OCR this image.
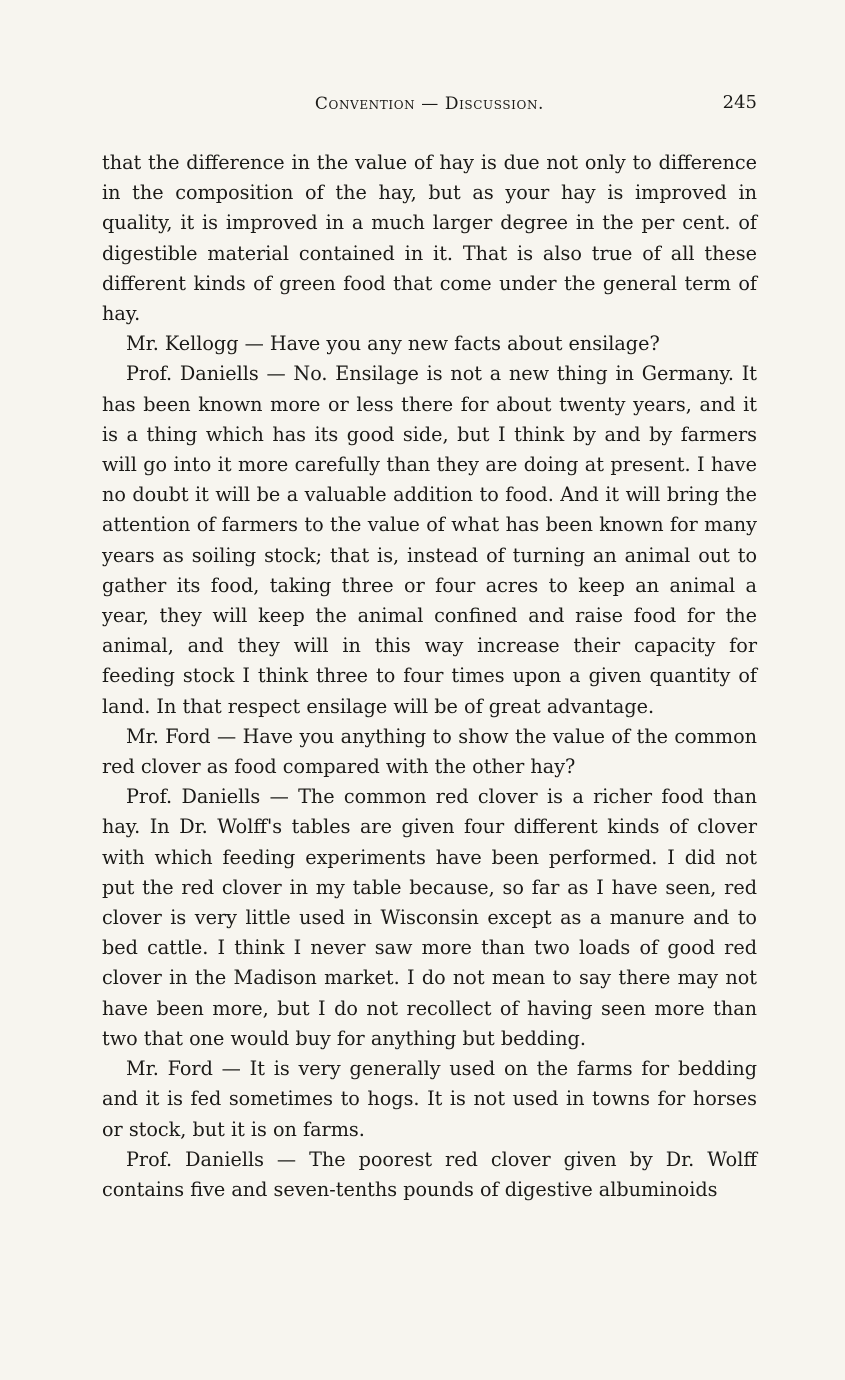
Convention — Discussion.	245

that the difference in the value of hay is due not only to difference in the composition of the hay, but as your hay is improved in quality, it is improved in a much larger degree in the per cent. of digestible material contained in it. That is also true of all these different kinds of green food that come under the general term of hay.

Mr. Kellogg — Have you any new facts about ensilage?

Prof. Daniells — No. Ensilage is not a new thing in Germany. It has been known more or less there for about twenty years, and it is a thing which has its good side, but I think by and by farmers will go into it more carefully than they are doing at present. I have no doubt it will be a valuable addition to food. And it will bring the attention of farmers to the value of what has been known for many years as soiling stock; that is, instead of turning an animal out to gather its food, taking three or four acres to keep an animal a year, they will keep the animal confined and raise food for the animal, and they will in this way increase their capacity for feeding stock I think three to four times upon a given quantity of land. In that respect ensilage will be of great advantage.

Mr. Ford — Have you anything to show the value of the common red clover as food compared with the other hay?

Prof. Daniells — The common red clover is a richer food than hay. In Dr. Wolff's tables are given four different kinds of clover with which feeding experiments have been performed. I did not put the red clover in my table because, so far as I have seen, red clover is very little used in Wisconsin except as a manure and to bed cattle. I think I never saw more than two loads of good red clover in the Madison market. I do not mean to say there may not have been more, but I do not recollect of having seen more than two that one would buy for anything but bedding.

Mr. Ford — It is very generally used on the farms for bedding and it is fed sometimes to hogs. It is not used in towns for horses or stock, but it is on farms.

Prof. Daniells — The poorest red clover given by Dr. Wolff contains five and seven-tenths pounds of digestive albuminoids
